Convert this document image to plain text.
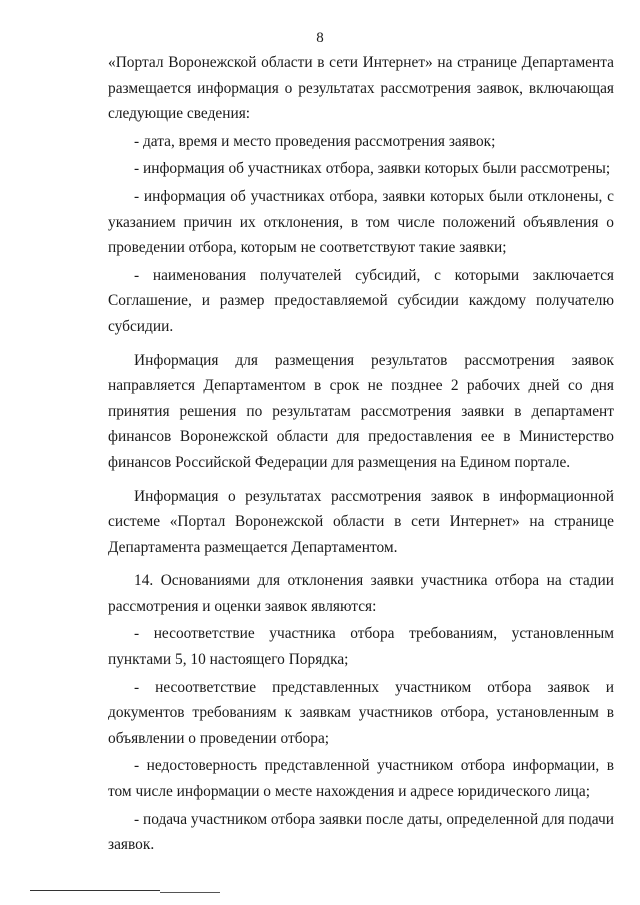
8

«Портал Воронежской области в сети Интернет» на странице Департамента размещается информация о результатах рассмотрения заявок, включающая следующие сведения:

- дата, время и место проведения рассмотрения заявок;

- информация об участниках отбора, заявки которых были рассмотрены;

- информация об участниках отбора, заявки которых были отклонены, с указанием причин их отклонения, в том числе положений объявления о проведении отбора, которым не соответствуют такие заявки;

- наименования получателей субсидий, с которыми заключается Соглашение, и размер предоставляемой субсидии каждому получателю субсидии.

Информация для размещения результатов рассмотрения заявок направляется Департаментом в срок не позднее 2 рабочих дней со дня принятия решения по результатам рассмотрения заявки в департамент финансов Воронежской области для предоставления ее в Министерство финансов Российской Федерации для размещения на Едином портале.

Информация о результатах рассмотрения заявок в информационной системе «Портал Воронежской области в сети Интернет» на странице Департамента размещается Департаментом.

14. Основаниями для отклонения заявки участника отбора на стадии рассмотрения и оценки заявок являются:

- несоответствие участника отбора требованиям, установленным пунктами 5, 10 настоящего Порядка;

- несоответствие представленных участником отбора заявок и документов требованиям к заявкам участников отбора, установленным в объявлении о проведении отбора;

- недостоверность представленной участником отбора информации, в том числе информации о месте нахождения и адресе юридического лица;

- подача участником отбора заявки после даты, определенной для подачи заявок.
